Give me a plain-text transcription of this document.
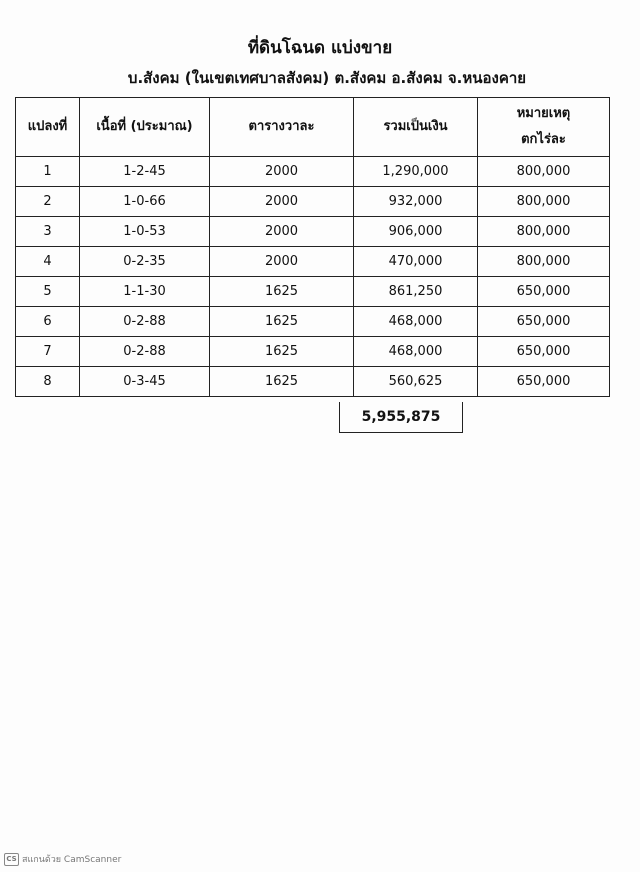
ที่ดินโฉนด แบ่งขาย
บ.สังคม (ในเขตเทศบาลสังคม) ต.สังคม อ.สังคม จ.หนองคาย
แปลงที่	เนื้อที่ (ประมาณ)	ตารางวาละ	รวมเป็นเงิน	หมายเหตุ
ตกไร่ละ

1	1-2-45	2000	1,290,000	800,000
2	1-0-66	2000	932,000	800,000
3	1-0-53	2000	906,000	800,000
4	0-2-35	2000	470,000	800,000
5	1-1-30	1625	861,250	650,000
6	0-2-88	1625	468,000	650,000
7	0-2-88	1625	468,000	650,000
8	0-3-45	1625	560,625	650,000
5,955,875
CS สแกนด้วย CamScanner
